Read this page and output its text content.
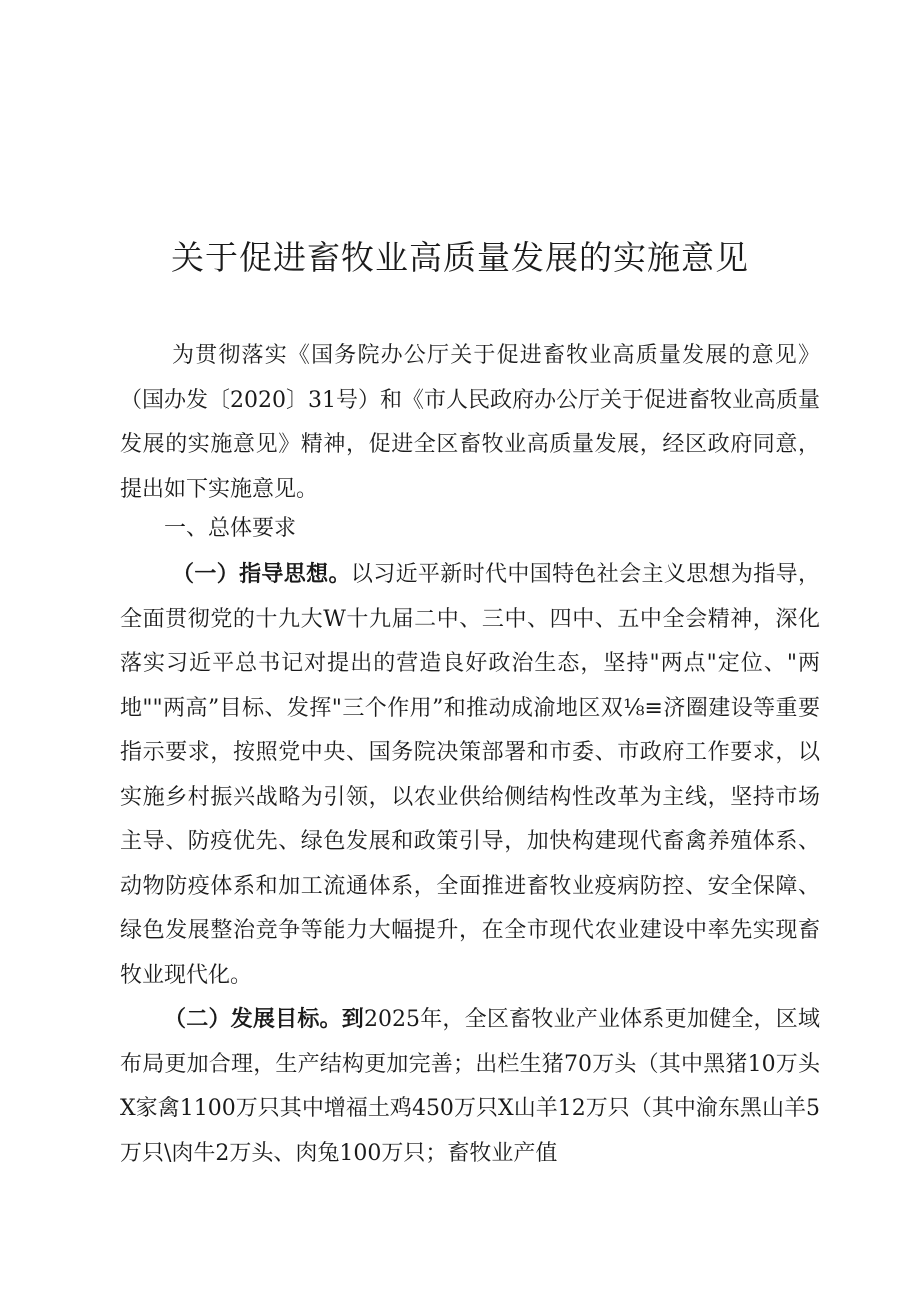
关于促进畜牧业高质量发展的实施意见

为贯彻落实《国务院办公厅关于促进畜牧业高质量发展的意见》（国办发〔2020〕31号）和《市人民政府办公厅关于促进畜牧业高质量发展的实施意见》精神，促进全区畜牧业高质量发展，经区政府同意，提出如下实施意见。

一、总体要求

（一）指导思想。以习近平新时代中国特色社会主义思想为指导，全面贯彻党的十九大W十九届二中、三中、四中、五中全会精神，深化落实习近平总书记对提出的营造良好政治生态，坚持"两点"定位、"两地""两高”目标、发挥"三个作用”和推动成渝地区双⅛≡济圈建设等重要指示要求，按照党中央、国务院决策部署和市委、市政府工作要求，以实施乡村振兴战略为引领，以农业供给侧结构性改革为主线，坚持市场主导、防疫优先、绿色发展和政策引导，加快构建现代畜禽养殖体系、动物防疫体系和加工流通体系，全面推进畜牧业疫病防控、安全保障、绿色发展整治竞争等能力大幅提升，在全市现代农业建设中率先实现畜牧业现代化。

（二）发展目标。到2025年，全区畜牧业产业体系更加健全，区域布局更加合理，生产结构更加完善；出栏生猪70万头（其中黑猪10万头X家禽1100万只其中增福土鸡450万只X山羊12万只（其中渝东黑山羊5万只\肉牛2万头、肉兔100万只；畜牧业产值
